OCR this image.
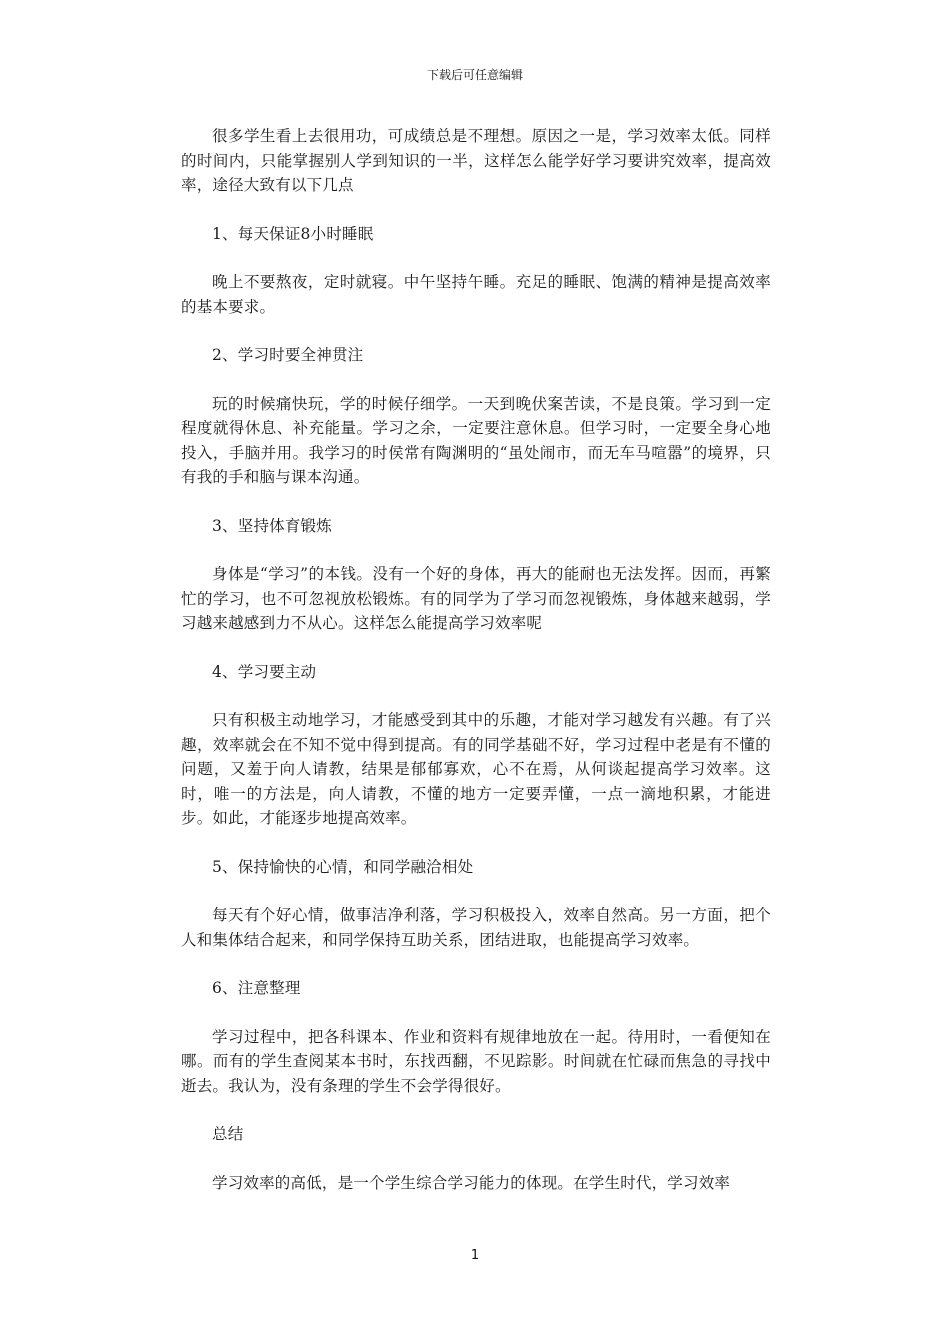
下载后可任意编辑

很多学生看上去很用功，可成绩总是不理想。原因之一是，学习效率太低。同样的时间内，只能掌握别人学到知识的一半，这样怎么能学好学习要讲究效率，提高效率，途径大致有以下几点

1、每天保证8小时睡眠

晚上不要熬夜，定时就寝。中午坚持午睡。充足的睡眠、饱满的精神是提高效率的基本要求。

2、学习时要全神贯注

玩的时候痛快玩，学的时候仔细学。一天到晚伏案苦读，不是良策。学习到一定程度就得休息、补充能量。学习之余，一定要注意休息。但学习时，一定要全身心地投入，手脑并用。我学习的时侯常有陶渊明的“虽处闹市，而无车马喧嚣”的境界，只有我的手和脑与课本沟通。

3、坚持体育锻炼

身体是“学习”的本钱。没有一个好的身体，再大的能耐也无法发挥。因而，再繁忙的学习，也不可忽视放松锻炼。有的同学为了学习而忽视锻炼，身体越来越弱，学习越来越感到力不从心。这样怎么能提高学习效率呢

4、学习要主动

只有积极主动地学习，才能感受到其中的乐趣，才能对学习越发有兴趣。有了兴趣，效率就会在不知不觉中得到提高。有的同学基础不好，学习过程中老是有不懂的问题，又羞于向人请教，结果是郁郁寡欢，心不在焉，从何谈起提高学习效率。这时，唯一的方法是，向人请教，不懂的地方一定要弄懂，一点一滴地积累，才能进步。如此，才能逐步地提高效率。

5、保持愉快的心情，和同学融洽相处

每天有个好心情，做事洁净利落，学习积极投入，效率自然高。另一方面，把个人和集体结合起来，和同学保持互助关系，团结进取，也能提高学习效率。

6、注意整理

学习过程中，把各科课本、作业和资料有规律地放在一起。待用时，一看便知在哪。而有的学生查阅某本书时，东找西翻，不见踪影。时间就在忙碌而焦急的寻找中逝去。我认为，没有条理的学生不会学得很好。

总结

学习效率的高低，是一个学生综合学习能力的体现。在学生时代，学习效率

1
